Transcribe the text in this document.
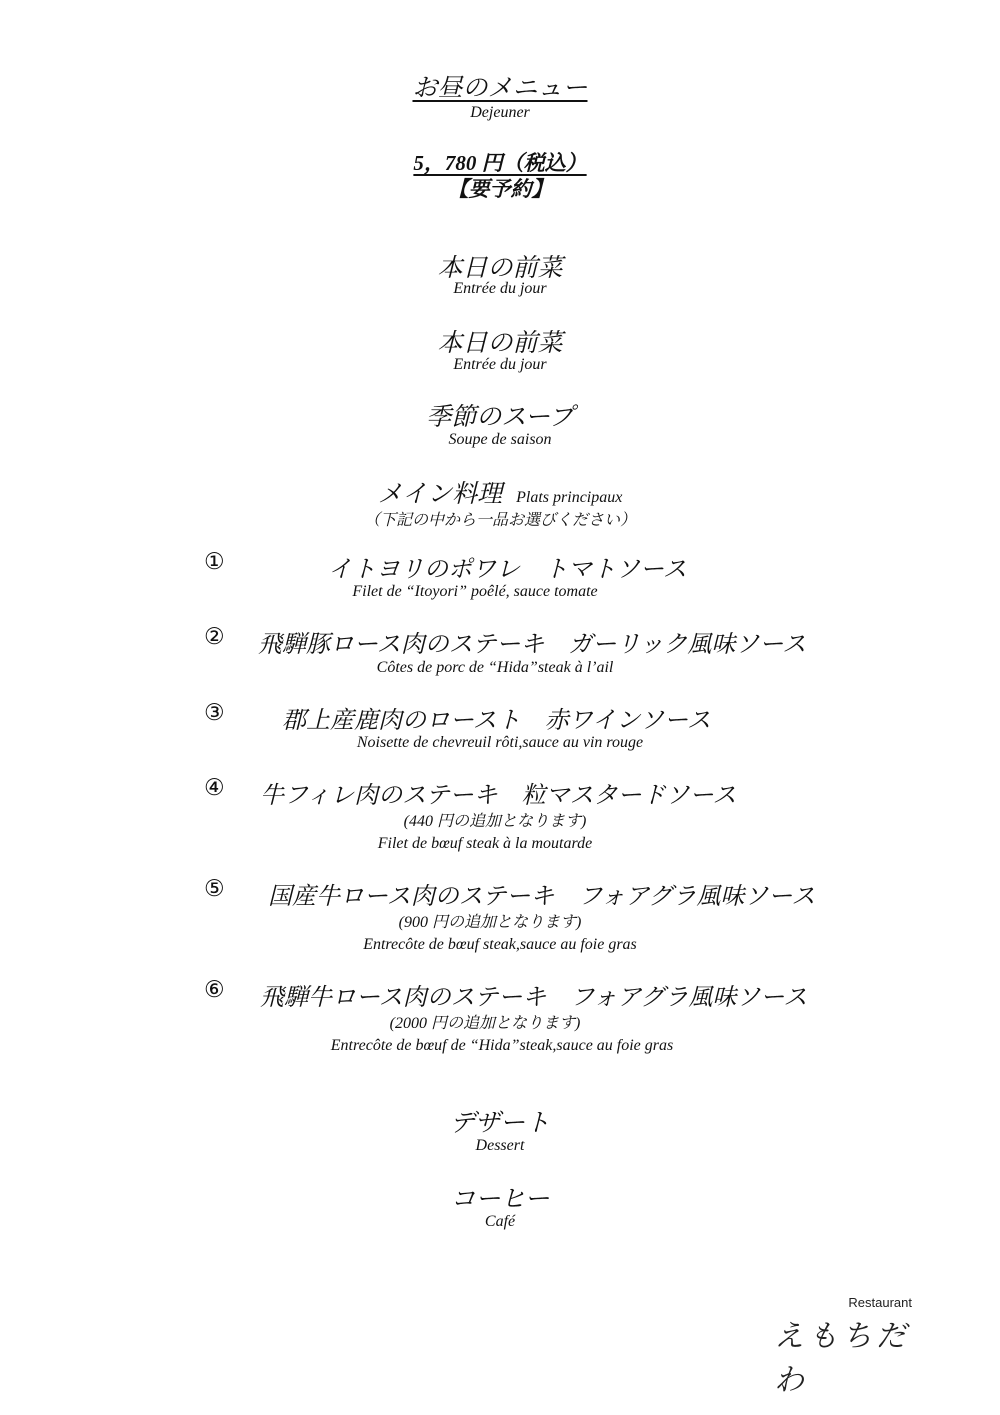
お昼のメニュー
Dejeuner
5，780 円（税込）
【要予約】
本日の前菜
Entrée du jour
本日の前菜
Entrée du jour
季節のスープ
Soupe de saison
メイン料理 Plats principaux
（下記の中から一品お選びください）
①	イトヨリのポワレ　トマトソース
Filet de “Itoyori” poêlé, sauce tomate
② 飛騨豚ロース肉のステーキ　ガーリック風味ソース
Côtes de porc de “Hida”steak à l’ail
③ 郡上産鹿肉のロースト　赤ワインソース
Noisette de chevreuil rôti,sauce au vin rouge
④ 牛フィレ肉のステーキ　粒マスタードソース
(440 円の追加となります)
Filet de bœuf steak à la moutarde
⑤ 国産牛ロース肉のステーキ　フォアグラ風味ソース
(900 円の追加となります)
Entrecôte de bœuf steak,sauce au foie gras
⑥ 飛騨牛ロース肉のステーキ　フォアグラ風味ソース
(2000 円の追加となります)
Entrecôte de bœuf de “Hida”steak,sauce au foie gras
デザート
Dessert
コーヒー
Café
Restaurant
えもちだわ
